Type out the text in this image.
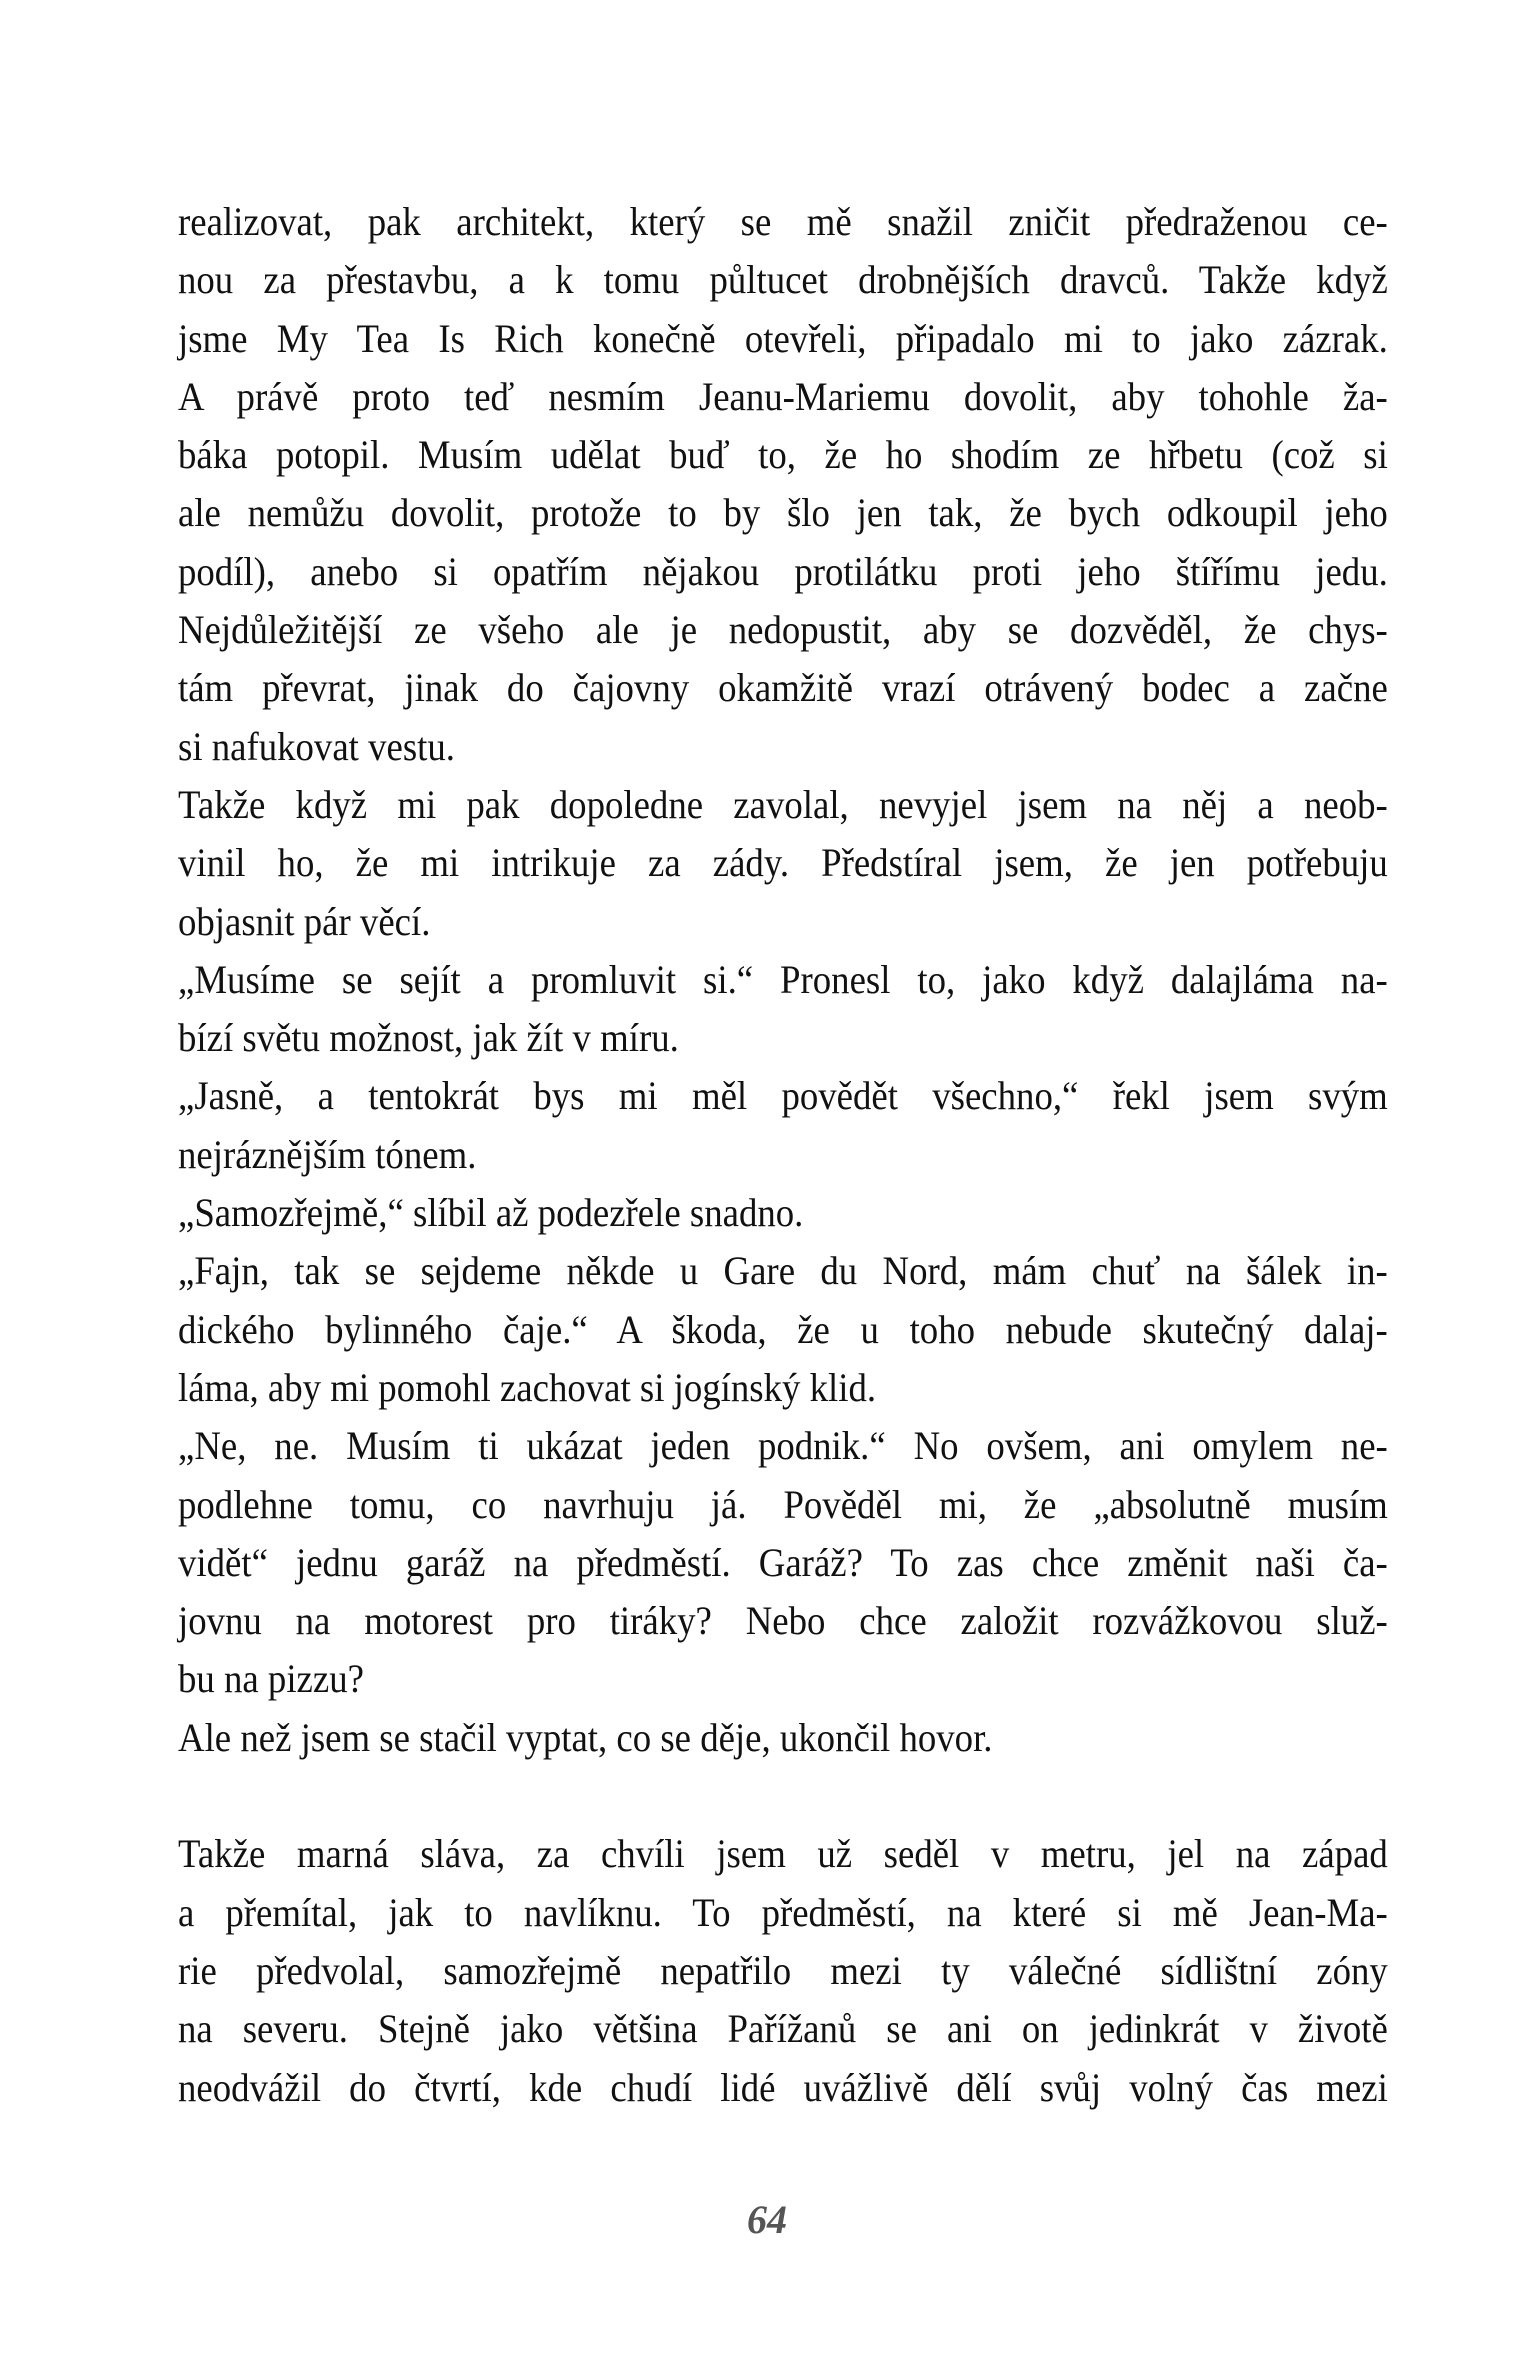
realizovat, pak architekt, který se mě snažil zničit předraženou ce-
nou za přestavbu, a k tomu půltucet drobnějších dravců. Takže když
jsme My Tea Is Rich konečně otevřeli, připadalo mi to jako zázrak.
A právě proto teď nesmím Jeanu-Mariemu dovolit, aby tohohle ža-
báka potopil. Musím udělat buď to, že ho shodím ze hřbetu (což si
ale nemůžu dovolit, protože to by šlo jen tak, že bych odkoupil jeho
podíl), anebo si opatřím nějakou protilátku proti jeho štířímu jedu.
Nejdůležitější ze všeho ale je nedopustit, aby se dozvěděl, že chys-
tám převrat, jinak do čajovny okamžitě vrazí otrávený bodec a začne
si nafukovat vestu.
Takže když mi pak dopoledne zavolal, nevyjel jsem na něj a neob-
vinil ho, že mi intrikuje za zády. Předstíral jsem, že jen potřebuju
objasnit pár věcí.
„Musíme se sejít a promluvit si.“ Pronesl to, jako když dalajláma na-
bízí světu možnost, jak žít v míru.
„Jasně, a tentokrát bys mi měl povědět všechno,“ řekl jsem svým
nejráznějším tónem.
„Samozřejmě,“ slíbil až podezřele snadno.
„Fajn, tak se sejdeme někde u Gare du Nord, mám chuť na šálek in-
dického bylinného čaje.“ A škoda, že u toho nebude skutečný dalaj-
láma, aby mi pomohl zachovat si jogínský klid.
„Ne, ne. Musím ti ukázat jeden podnik.“ No ovšem, ani omylem ne-
podlehne tomu, co navrhuju já. Pověděl mi, že „absolutně musím
vidět“ jednu garáž na předměstí. Garáž? To zas chce změnit naši ča-
jovnu na motorest pro tiráky? Nebo chce založit rozvážkovou služ-
bu na pizzu?
Ale než jsem se stačil vyptat, co se děje, ukončil hovor.
Takže marná sláva, za chvíli jsem už seděl v metru, jel na západ
a přemítal, jak to navlíknu. To předměstí, na které si mě Jean-Ma-
rie předvolal, samozřejmě nepatřilo mezi ty válečné sídlištní zóny
na severu. Stejně jako většina Pařížanů se ani on jedinkrát v životě
neodvážil do čtvrtí, kde chudí lidé uvážlivě dělí svůj volný čas mezi
64
